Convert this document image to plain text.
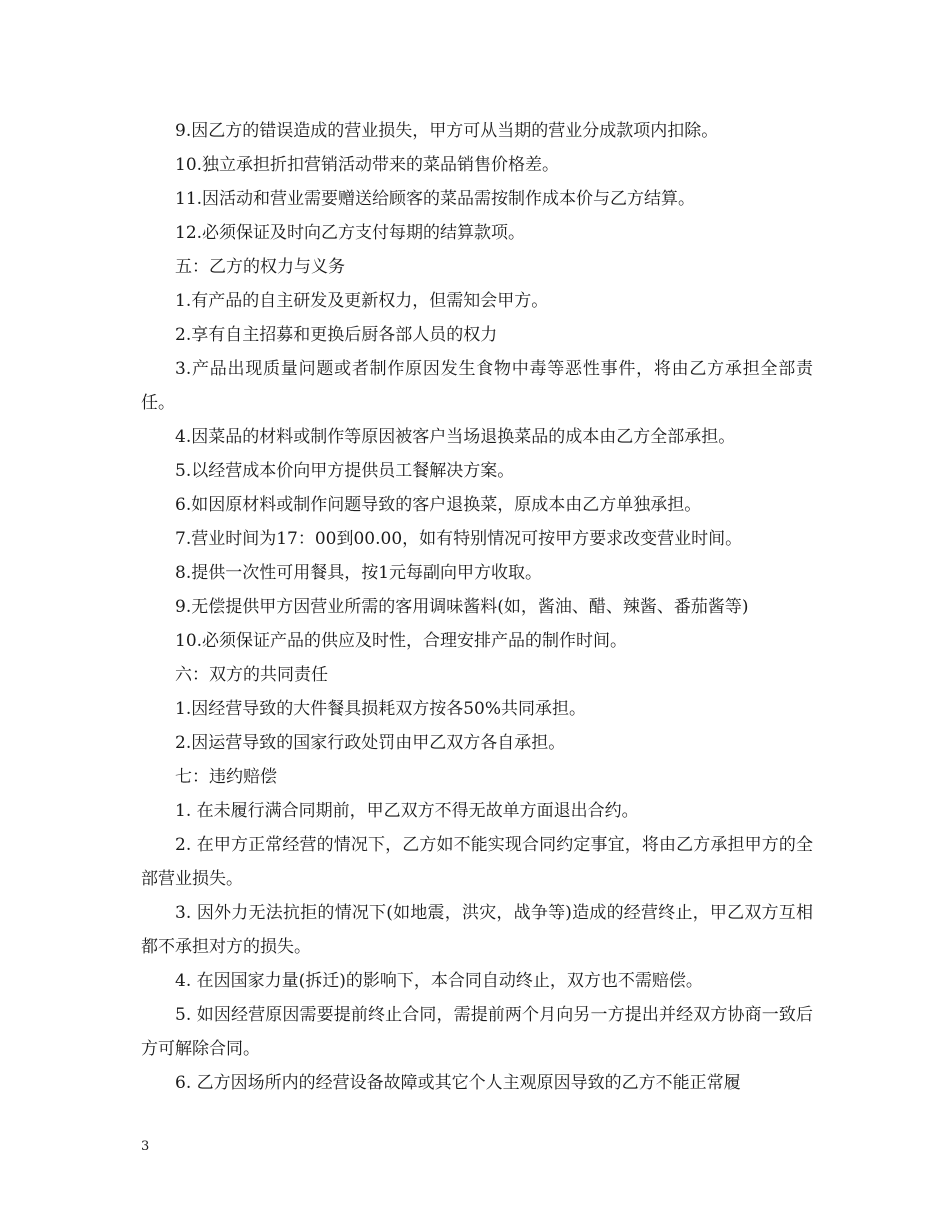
9.因乙方的错误造成的营业损失，甲方可从当期的营业分成款项内扣除。

10.独立承担折扣营销活动带来的菜品销售价格差。

11.因活动和营业需要赠送给顾客的菜品需按制作成本价与乙方结算。

12.必须保证及时向乙方支付每期的结算款项。

五：乙方的权力与义务

1.有产品的自主研发及更新权力，但需知会甲方。

2.享有自主招募和更换后厨各部人员的权力

3.产品出现质量问题或者制作原因发生食物中毒等恶性事件，将由乙方承担全部责任。

4.因菜品的材料或制作等原因被客户当场退换菜品的成本由乙方全部承担。

5.以经营成本价向甲方提供员工餐解决方案。

6.如因原材料或制作问题导致的客户退换菜，原成本由乙方单独承担。

7.营业时间为17：00到00.00，如有特别情况可按甲方要求改变营业时间。

8.提供一次性可用餐具，按1元每副向甲方收取。

9.无偿提供甲方因营业所需的客用调味酱料(如，酱油、醋、辣酱、番茄酱等)

10.必须保证产品的供应及时性，合理安排产品的制作时间。

六：双方的共同责任

1.因经营导致的大件餐具损耗双方按各50%共同承担。

2.因运营导致的国家行政处罚由甲乙双方各自承担。

七：违约赔偿

1. 在未履行满合同期前，甲乙双方不得无故单方面退出合约。

2. 在甲方正常经营的情况下，乙方如不能实现合同约定事宜，将由乙方承担甲方的全部营业损失。

3. 因外力无法抗拒的情况下(如地震，洪灾，战争等)造成的经营终止，甲乙双方互相都不承担对方的损失。

4. 在因国家力量(拆迁)的影响下，本合同自动终止，双方也不需赔偿。

5. 如因经营原因需要提前终止合同，需提前两个月向另一方提出并经双方协商一致后方可解除合同。

6. 乙方因场所内的经营设备故障或其它个人主观原因导致的乙方不能正常履

3
